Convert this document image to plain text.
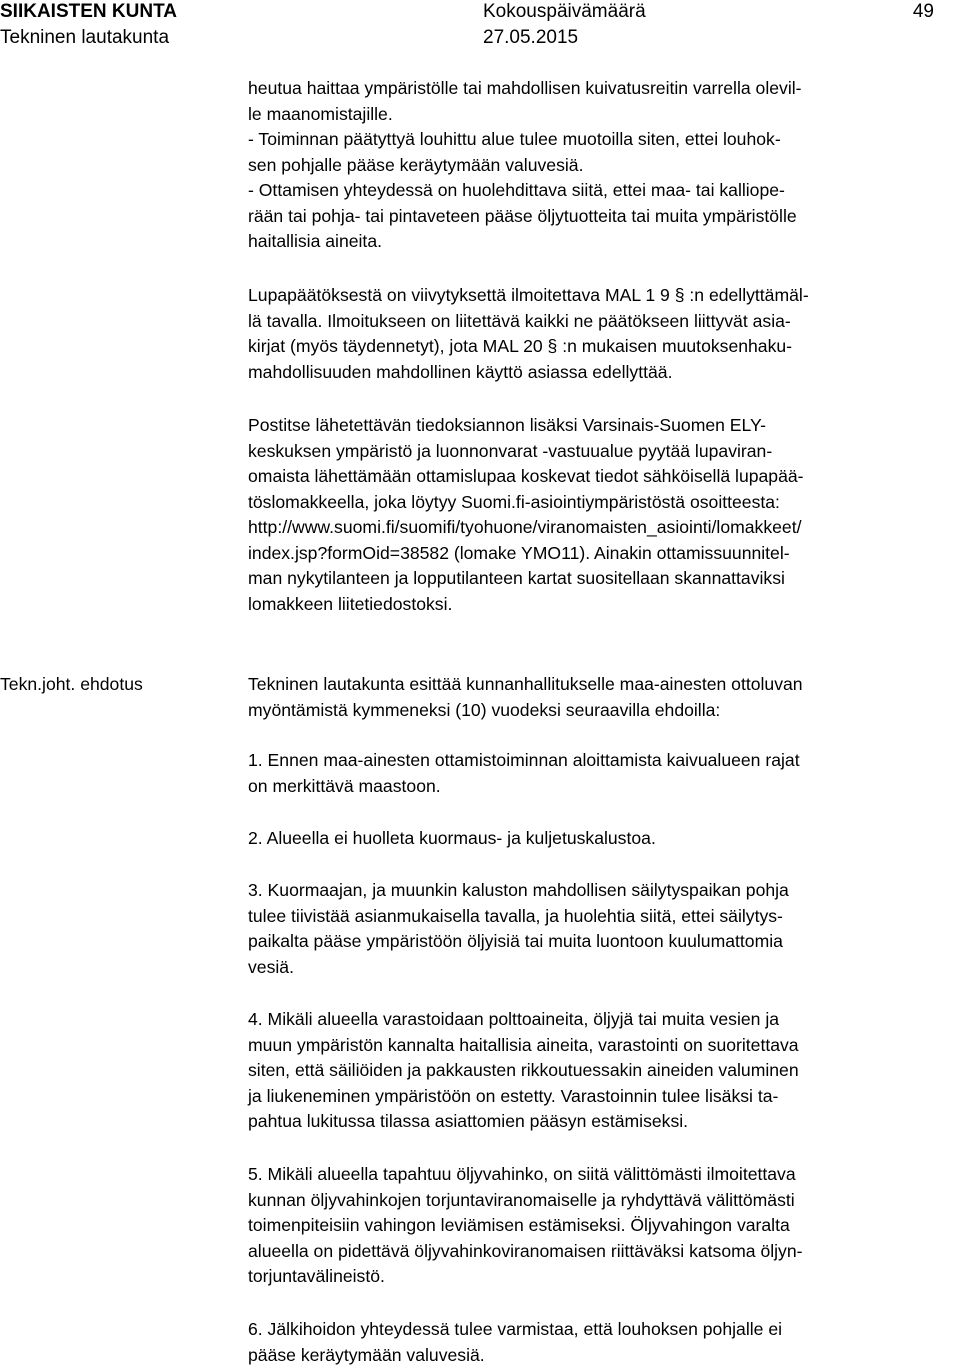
SIIKAISTEN KUNTA
Tekninen lautakunta
Kokouspäivämäärä
27.05.2015
49
heutua haittaa ympäristölle tai mahdollisen kuivatusreitin varrella olevil-
le maanomistajille.
- Toiminnan päätyttyä louhittu alue tulee muotoilla siten, ettei louhok-
sen pohjalle pääse keräytymään valuvesiä.
- Ottamisen yhteydessä on huolehdittava siitä, ettei maa- tai kalliope-
rään tai pohja- tai pintaveteen pääse öljytuotteita tai muita ympäristölle
haitallisia aineita.
Lupapäätöksestä on viivytyksettä ilmoitettava MAL 1 9 § :n edellyttämäl-
lä tavalla. Ilmoitukseen on liitettävä kaikki ne päätökseen liittyvät asia-
kirjat (myös täydennetyt), jota MAL 20 § :n mukaisen muutoksenhaku-
mahdollisuuden mahdollinen käyttö asiassa edellyttää.
Postitse lähetettävän tiedoksiannon lisäksi Varsinais-Suomen ELY-
keskuksen ympäristö ja luonnonvarat -vastuualue pyytää lupaviran-
omaista lähettämään ottamislupaa koskevat tiedot sähköisellä lupapää-
töslomakkeella, joka löytyy Suomi.fi-asiointiympäristöstä osoitteesta:
http://www.suomi.fi/suomifi/tyohuone/viranomaisten_asiointi/lomakkeet/
index.jsp?formOid=38582 (lomake YMO11). Ainakin ottamissuunnitel-
man nykytilanteen ja lopputilanteen kartat suositellaan skannattaviksi
lomakkeen liitetiedostoksi.
Tekn.joht. ehdotus	Tekninen lautakunta esittää kunnanhallitukselle maa-ainesten ottoluvan
myöntämistä kymmeneksi (10) vuodeksi seuraavilla ehdoilla:
1. Ennen maa-ainesten ottamistoiminnan aloittamista kaivualueen rajat
on merkittävä maastoon.
2. Alueella ei huolleta kuormaus- ja kuljetuskalustoa.
3. Kuormaajan, ja muunkin kaluston mahdollisen säilytyspaikan pohja
tulee tiivistää asianmukaisella tavalla, ja huolehtia siitä, ettei säilytys-
paikalta pääse ympäristöön öljyisiä tai muita luontoon kuulumattomia
vesiä.
4. Mikäli alueella varastoidaan polttoaineita, öljyjä tai muita vesien ja
muun ympäristön kannalta haitallisia aineita, varastointi on suoritettava
siten, että säiliöiden ja pakkausten rikkoutuessakin aineiden valuminen
ja liukeneminen ympäristöön on estetty. Varastoinnin tulee lisäksi ta-
pahtua lukitussa tilassa asiattomien pääsyn estämiseksi.
5. Mikäli alueella tapahtuu öljyvahinko, on siitä välittömästi ilmoitettava
kunnan öljyvahinkojen torjuntaviranomaiselle ja ryhdyttävä välittömästi
toimenpiteisiin vahingon leviämisen estämiseksi. Öljyvahingon varalta
alueella on pidettävä öljyvahinkoviranomaisen riittäväksi katsoma öljyn-
torjuntavälineistö.
6. Jälkihoidon yhteydessä tulee varmistaa, että louhoksen pohjalle ei
pääse keräytymään valuvesiä.
